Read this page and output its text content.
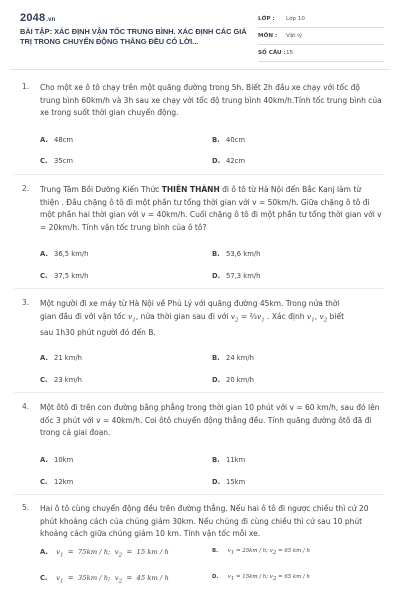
2048.vn
BÀI TẬP: XÁC ĐỊNH VẬN TỐC TRUNG BÌNH. XÁC ĐỊNH CÁC GIÁ TRỊ TRONG CHUYỂN ĐỘNG THẲNG ĐỀU CÓ LỜI...
LỚP : Lớp 10
MÔN : Vật lý
SỐ CÂU : 15
1. Cho một xe ô tô chạy trên một quãng đường trong 5h. Biết 2h đầu xe chạy với tốc độ trung bình 60km/h và 3h sau xe chạy với tốc độ trung bình 40km/h.Tính tốc trung bình của xe trong suốt thời gian chuyển động.
A. 48cm	B. 40cm
C. 35cm	D. 42cm
2. Trung Tâm Bồi Dưỡng Kiến Thức THIÊN THÀNH đi ô tô từ Hà Nội đến Bắc Kanj làm từ thiện . Đầu chặng ô tô đi một phần tư tổng thời gian với v = 50km/h. Giữa chặng ô tô đi một phần hai thời gian với v = 40km/h. Cuối chặng ô tô đi một phần tư tổng thời gian với v = 20km/h. Tính vận tốc trung bình của ô tô?
A. 36,5 km/h	B. 53,6 km/h
C. 37,5 km/h	D. 57,3 km/h
3. Một người đi xe máy từ Hà Nội về Phủ Lý với quãng đường 45km. Trong nửa thời
gian đầu đi với vận tốc $v_1$, nửa thời gian sau đi với $v_2$ = $\frac{2}{3}v_1$ . Xác định $v_1$, $v_2$ biết
sau 1h30 phút người đó đến B.
A. 21 km/h	B. 24 km/h
C. 23 km/h	D. 20 km/h
4. Một ôtô đi trên con đường bằng phẳng trong thời gian 10 phút với v = 60 km/h, sau đó lên dốc 3 phút với v = 40km/h. Coi ôtô chuyển động thẳng đều. Tính quãng đường ôtô đã đi trong cả giai đoạn.
A. 10km	B. 11km
C. 12km	D. 15km
5. Hai ô tô cùng chuyển động đều trên đường thẳng. Nếu hai ô tô đi ngược chiều thì cứ 20 phút khoảng cách của chúng giảm 30km. Nếu chúng đi cùng chiều thì cứ sau 10 phút khoảng cách giữa chúng giảm 10 km. Tính vận tốc mỗi xe.
A. $v_1 = 75km / h$; $v_2 = 15$ km / h	B. $v_1 = 25km / h$; $v_2 = 65$ km / h
C. $v_1 = 35km / h$; $v_2 = 45$ km / h	D. $v_1 = 15km / h$; $v_2 = 65$ km / h
